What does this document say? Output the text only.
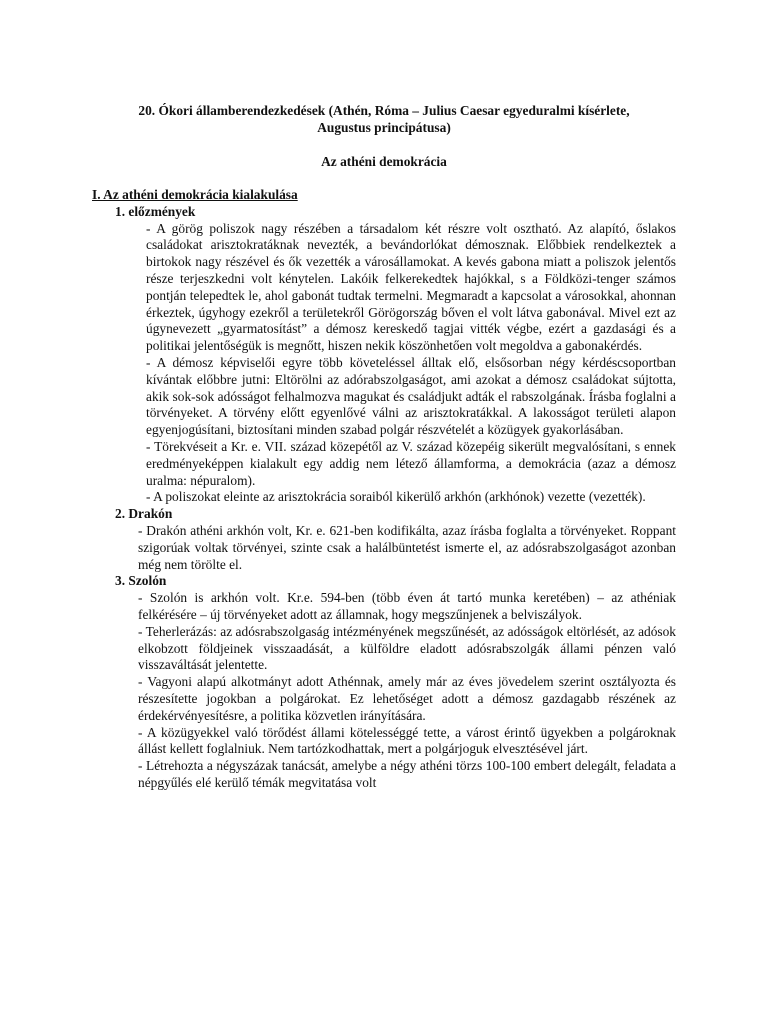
20. Ókori államberendezkedések (Athén, Róma – Julius Caesar egyeduralmi kísérlete,
Augustus principátusa)
Az athéni demokrácia
I. Az athéni demokrácia kialakulása
1. előzmények

- A görög poliszok nagy részében a társadalom két részre volt osztható. Az alapító, őslakos családokat arisztokratáknak nevezték, a bevándorlókat démosznak. Előbbiek rendelkeztek a birtokok nagy részével és ők vezették a városállamokat. A kevés gabona miatt a poliszok jelentős része terjeszkedni volt kénytelen. Lakóik felkerekedtek hajókkal, s a Földközi-tenger számos pontján telepedtek le, ahol gabonát tudtak termelni. Megmaradt a kapcsolat a városokkal, ahonnan érkeztek, úgyhogy ezekről a területekről Görögország bőven el volt látva gabonával. Mivel ezt az úgynevezett „gyarmatosítást” a démosz kereskedő tagjai vitték végbe, ezért a gazdasági és a politikai jelentőségük is megnőtt, hiszen nekik köszönhetően volt megoldva a gabonakérdés.

- A démosz képviselői egyre több követeléssel álltak elő, elsősorban négy kérdéscsoportban kívántak előbbre jutni: Eltörölni az adórabszolgaságot, ami azokat a démosz családokat sújtotta, akik sok-sok adósságot felhalmozva magukat és családjukt adták el rabszolgának. Írásba foglalni a törvényeket. A törvény előtt egyenlővé válni az arisztokratákkal. A lakosságot területi alapon egyenjogúsítani, biztosítani minden szabad polgár részvételét a közügyek gyakorlásában.

- Törekvéseit a Kr. e. VII. század közepétől az V. század közepéig sikerült megvalósítani, s ennek eredményeképpen kialakult egy addig nem létező államforma, a demokrácia (azaz a démosz uralma: népuralom).

- A poliszokat eleinte az arisztokrácia soraiból kikerülő arkhón (arkhónok) vezette (vezették).

2. Drakón

- Drakón athéni arkhón volt, Kr. e. 621-ben kodifikálta, azaz írásba foglalta a törvényeket. Roppant szigorúak voltak törvényei, szinte csak a halálbüntetést ismerte el, az adósrabszolgaságot azonban még nem törölte el.

3. Szolón

- Szolón is arkhón volt. Kr.e. 594-ben (több éven át tartó munka keretében) – az athéniak felkérésére – új törvényeket adott az államnak, hogy megszűnjenek a belviszályok.

- Teherlerázás: az adósrabszolgaság intézményének megszűnését, az adósságok eltörlését, az adósok elkobzott földjeinek visszaadását, a külföldre eladott adósrabszolgák állami pénzen való visszaváltását jelentette.

- Vagyoni alapú alkotmányt adott Athénnak, amely már az éves jövedelem szerint osztályozta és részesítette jogokban a polgárokat. Ez lehetőséget adott a démosz gazdagabb részének az érdekérvényesítésre, a politika közvetlen irányítására.

- A közügyekkel való törődést állami kötelességgé tette, a várost érintő ügyekben a polgároknak állást kellett foglalniuk. Nem tartózkodhattak, mert a polgárjoguk elvesztésével járt.

- Létrehozta a négyszázak tanácsát, amelybe a négy athéni törzs 100-100 embert delegált, feladata a népgyűlés elé kerülő témák megvitatása volt
